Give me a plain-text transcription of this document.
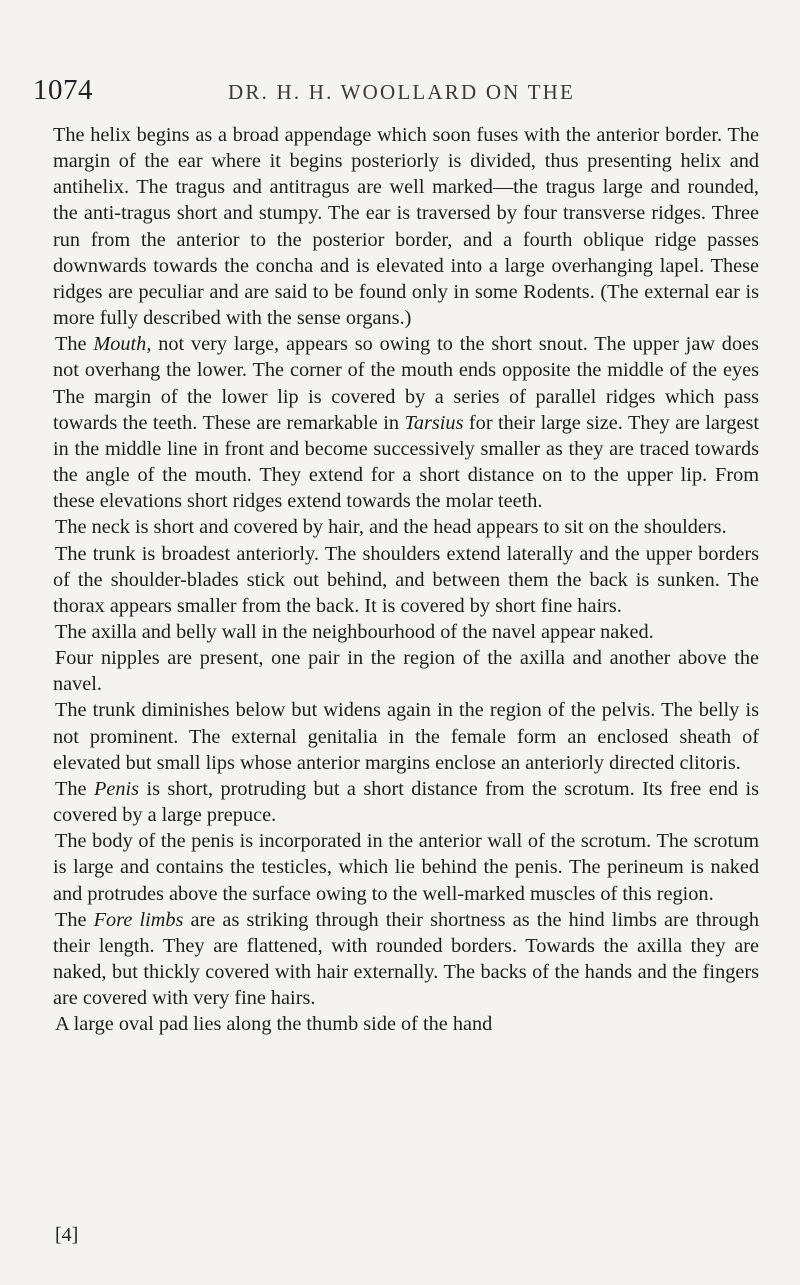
1074	DR. H. H. WOOLLARD ON THE

The helix begins as a broad appendage which soon fuses with the anterior border. The margin of the ear where it begins posteriorly is divided, thus presenting helix and antihelix. The tragus and antitragus are well marked—the tragus large and rounded, the anti-tragus short and stumpy. The ear is traversed by four transverse ridges. Three run from the anterior to the posterior border, and a fourth oblique ridge passes downwards towards the concha and is elevated into a large overhanging lapel. These ridges are peculiar and are said to be found only in some Rodents. (The external ear is more fully described with the sense organs.)

The Mouth, not very large, appears so owing to the short snout. The upper jaw does not overhang the lower. The corner of the mouth ends opposite the middle of the eyes The margin of the lower lip is covered by a series of parallel ridges which pass towards the teeth. These are remarkable in Tarsius for their large size. They are largest in the middle line in front and become successively smaller as they are traced towards the angle of the mouth. They extend for a short distance on to the upper lip. From these elevations short ridges extend towards the molar teeth.

The neck is short and covered by hair, and the head appears to sit on the shoulders.

The trunk is broadest anteriorly. The shoulders extend laterally and the upper borders of the shoulder-blades stick out behind, and between them the back is sunken. The thorax appears smaller from the back. It is covered by short fine hairs.

The axilla and belly wall in the neighbourhood of the navel appear naked.

Four nipples are present, one pair in the region of the axilla and another above the navel.

The trunk diminishes below but widens again in the region of the pelvis. The belly is not prominent. The external genitalia in the female form an enclosed sheath of elevated but small lips whose anterior margins enclose an anteriorly directed clitoris.

The Penis is short, protruding but a short distance from the scrotum. Its free end is covered by a large prepuce.

The body of the penis is incorporated in the anterior wall of the scrotum. The scrotum is large and contains the testicles, which lie behind the penis. The perineum is naked and protrudes above the surface owing to the well-marked muscles of this region.

The Fore limbs are as striking through their shortness as the hind limbs are through their length. They are flattened, with rounded borders. Towards the axilla they are naked, but thickly covered with hair externally. The backs of the hands and the fingers are covered with very fine hairs.

A large oval pad lies along the thumb side of the hand

[4]
